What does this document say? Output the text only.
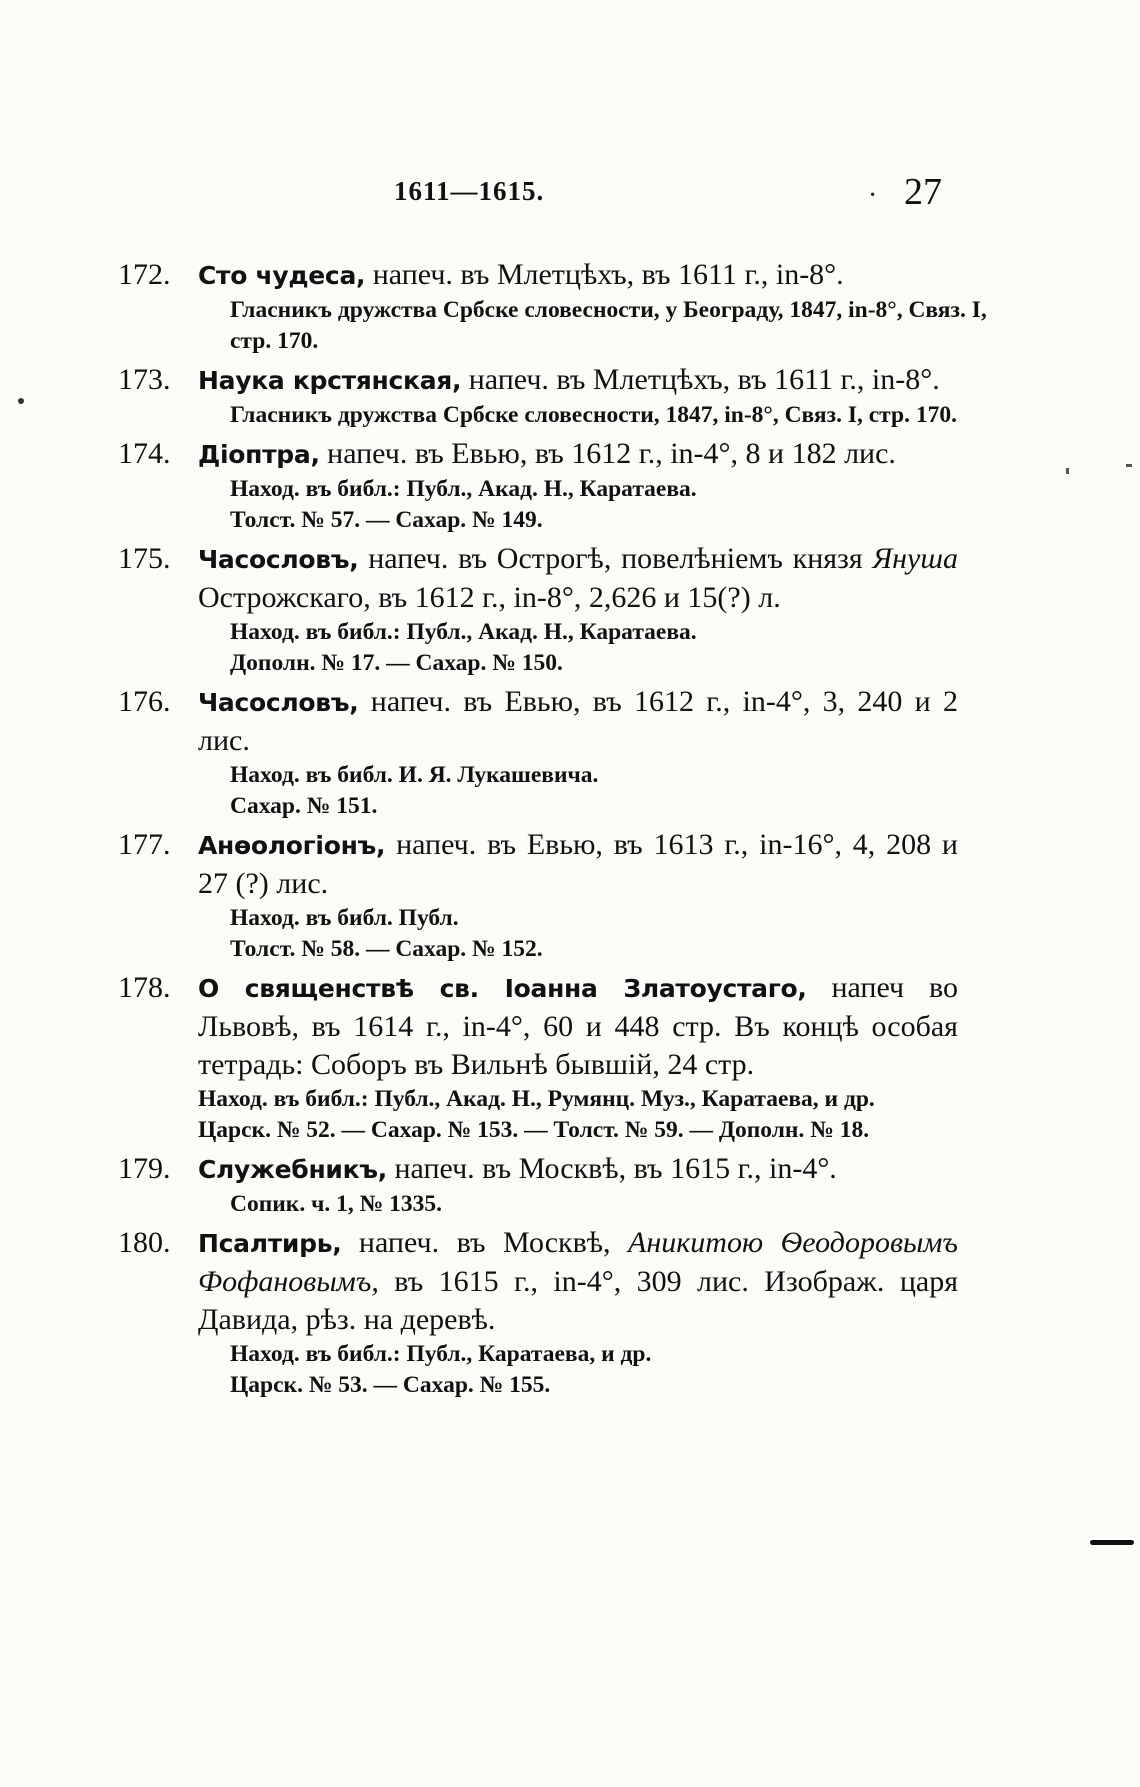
1611—1615.	· 27
172. Сто чудеса, напеч. въ Млетцѣхъ, въ 1611 г., in-8°.
Гласникъ дружства Србске словесности, у Београду, 1847, in-8°, Связ. I, стр. 170.
173. Наука крстянская, напеч. въ Млетцѣхъ, въ 1611 г., in-8°.
Гласникъ дружства Србске словесности, 1847, in-8°, Связ. I, стр. 170.
174. Діоптра, напеч. въ Евью, въ 1612 г., in-4°, 8 и 182 лис.
Наход. въ библ.: Публ., Акад. Н., Каратаева.
Толст. № 57. — Сахар. № 149.
175. Часословъ, напеч. въ Острогѣ, повелѣніемъ князя Януша Острожскаго, въ 1612 г., in-8°, 2,626 и 15(?) л.
Наход. въ библ.: Публ., Акад. Н., Каратаева.
Дополн. № 17. — Сахар. № 150.
176. Часословъ, напеч. въ Евью, въ 1612 г., in-4°, 3, 240 и 2 лис.
Наход. въ библ. И. Я. Лукашевича.
Сахар. № 151.
177. Анѳологіонъ, напеч. въ Евью, въ 1613 г., in-16°, 4, 208 и 27 (?) лис.
Наход. въ библ. Публ.
Толст. № 58. — Сахар. № 152.
178. О священствѣ св. Іоанна Златоустаго, напеч во Львовѣ, въ 1614 г., in-4°, 60 и 448 стр. Въ концѣ особая тетрадь: Соборъ въ Вильнѣ бывшій, 24 стр.
Наход. въ библ.: Публ., Акад. Н., Румянц. Муз., Каратаева, и др.
Царск. № 52. — Сахар. № 153. — Толст. № 59. — Дополн. № 18.
179. Служебникъ, напеч. въ Москвѣ, въ 1615 г., in-4°.
Сопик. ч. 1, № 1335.
180. Псалтирь, напеч. въ Москвѣ, Аникитою Ѳеодоровымъ Фофановымъ, въ 1615 г., in-4°, 309 лис. Изображ. царя Давида, рѣз. на деревѣ.
Наход. въ библ.: Публ., Каратаева, и др.
Царск. № 53. — Сахар. № 155.
